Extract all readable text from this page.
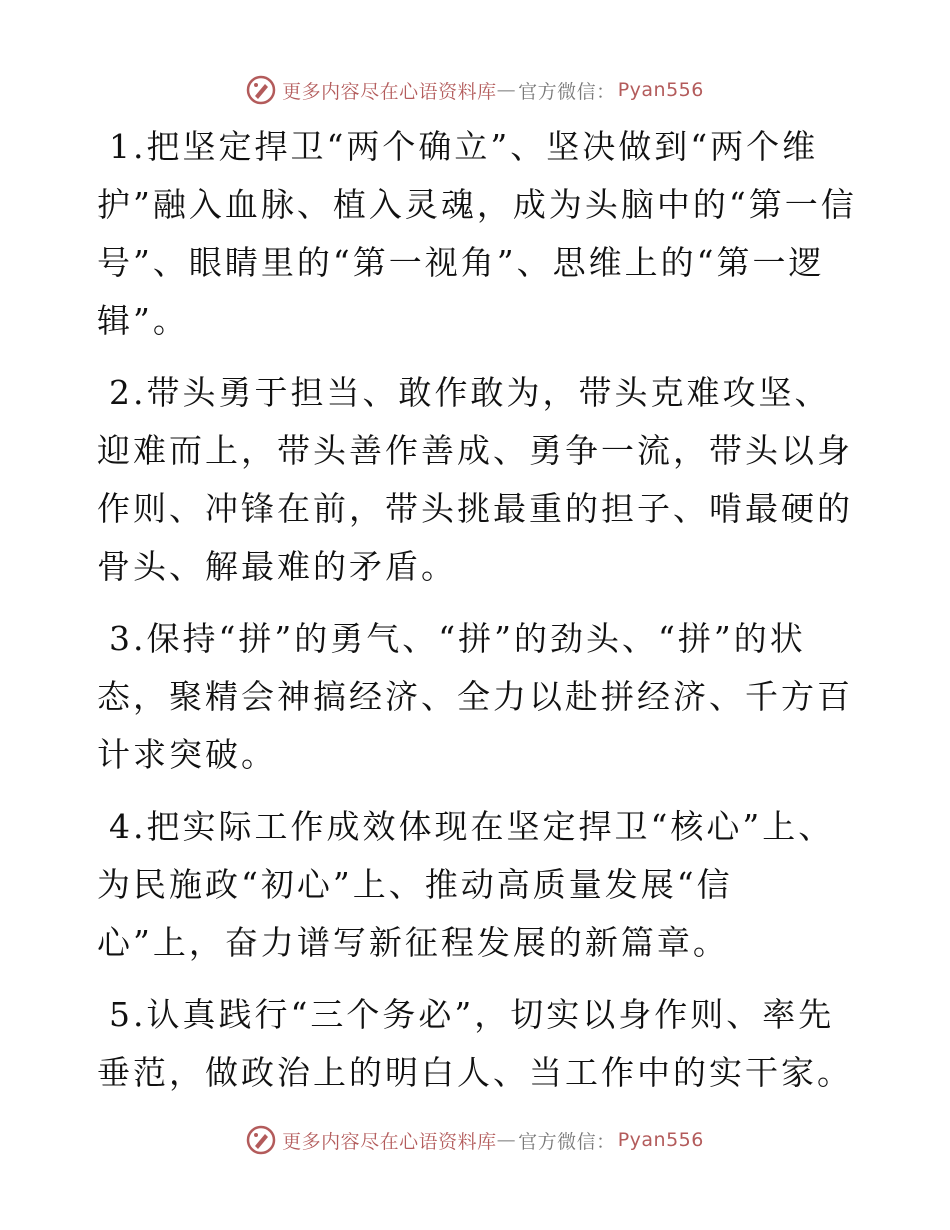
更多内容尽在心语资料库 — 官方微信： Pyan556

1.把坚定捍卫“两个确立”、坚决做到“两个维护”融入血脉、植入灵魂，成为头脑中的“第一信号”、眼睛里的“第一视角”、思维上的“第一逻辑”。

2.带头勇于担当、敢作敢为，带头克难攻坚、迎难而上，带头善作善成、勇争一流，带头以身作则、冲锋在前，带头挑最重的担子、啃最硬的骨头、解最难的矛盾。

3.保持“拼”的勇气、“拼”的劲头、“拼”的状态，聚精会神搞经济、全力以赴拼经济、千方百计求突破。

4.把实际工作成效体现在坚定捍卫“核心”上、为民施政“初心”上、推动高质量发展“信心”上，奋力谱写新征程发展的新篇章。

5.认真践行“三个务必”，切实以身作则、率先垂范，做政治上的明白人、当工作中的实干家。

更多内容尽在心语资料库 — 官方微信： Pyan556
